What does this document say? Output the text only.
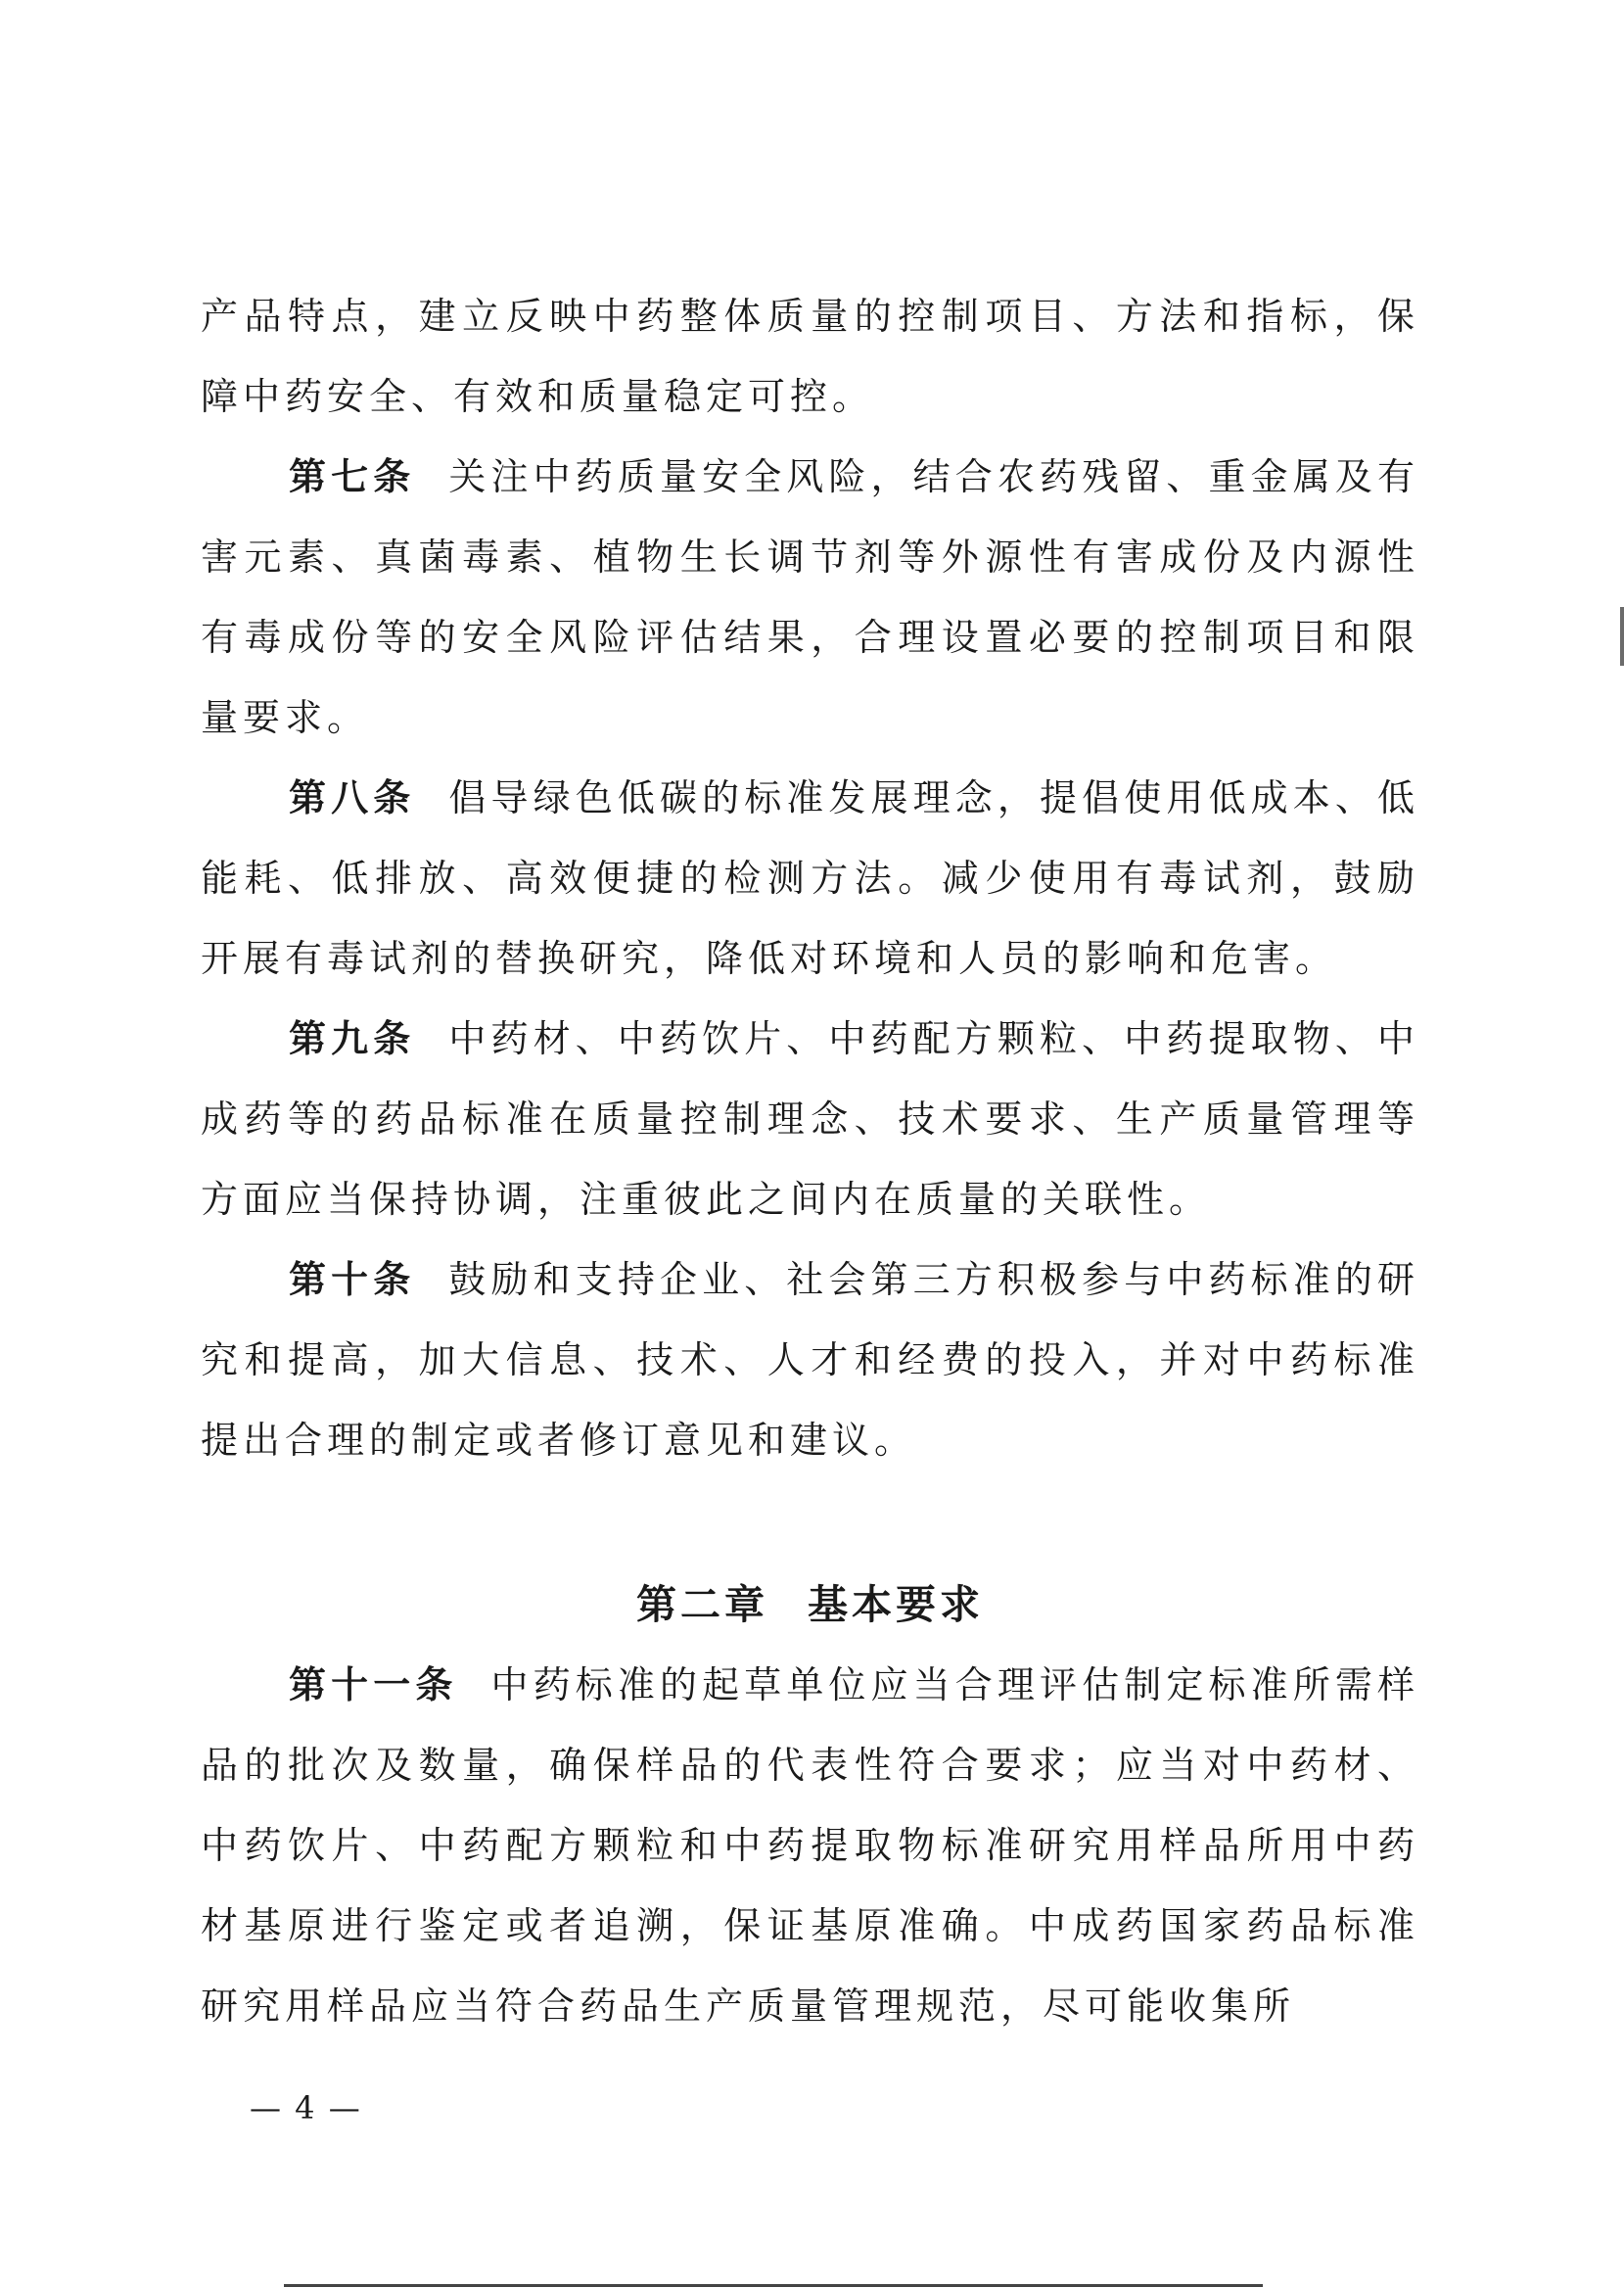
产品特点，建立反映中药整体质量的控制项目、方法和指标，保障中药安全、有效和质量稳定可控。

第七条 关注中药质量安全风险，结合农药残留、重金属及有害元素、真菌毒素、植物生长调节剂等外源性有害成份及内源性有毒成份等的安全风险评估结果，合理设置必要的控制项目和限量要求。

第八条 倡导绿色低碳的标准发展理念，提倡使用低成本、低能耗、低排放、高效便捷的检测方法。减少使用有毒试剂，鼓励开展有毒试剂的替换研究，降低对环境和人员的影响和危害。

第九条 中药材、中药饮片、中药配方颗粒、中药提取物、中成药等的药品标准在质量控制理念、技术要求、生产质量管理等方面应当保持协调，注重彼此之间内在质量的关联性。

第十条 鼓励和支持企业、社会第三方积极参与中药标准的研究和提高，加大信息、技术、人才和经费的投入，并对中药标准提出合理的制定或者修订意见和建议。

第二章 基本要求

第十一条 中药标准的起草单位应当合理评估制定标准所需样品的批次及数量，确保样品的代表性符合要求；应当对中药材、中药饮片、中药配方颗粒和中药提取物标准研究用样品所用中药材基原进行鉴定或者追溯，保证基原准确。中成药国家药品标准研究用样品应当符合药品生产质量管理规范，尽可能收集所

— 4 —
